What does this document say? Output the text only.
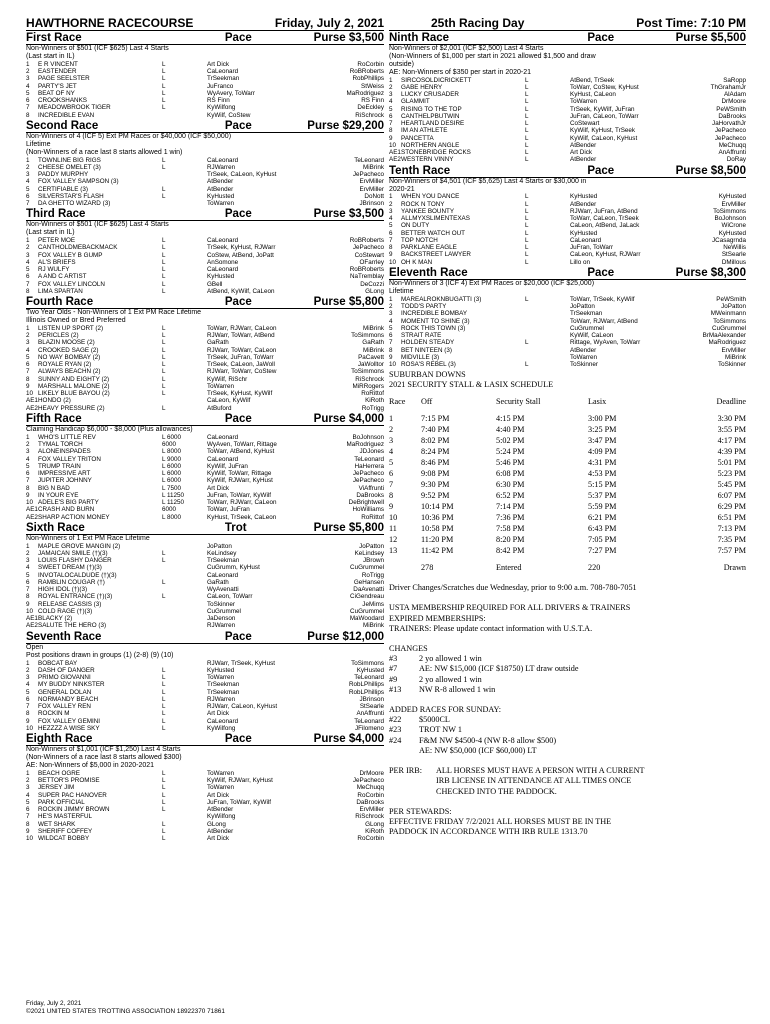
HAWTHORNE RACECOURSE	Friday, July 2, 2021
First Race	Pace	Purse $3,500
Non-Winners of $501 (ICF $625) Last 4 Starts
(Last start in IL)
1	E R VINCENT	L	Art Dick	RoCorbin
2	EASTENDER	L	CaLeonard	RoBRoberts
3	PAGE SEELSTER	L	TrSeekman	RobPhillips
4	PARTY'S JET	L	JuFranco	StWeiss
5	BEAT OF NY	L	WyAvery, ToWarr	MaRodriguez
6	CROOKSHANKS	L	RS Finn	RS Finn
7	MEADOWBROOK TIGER	L	KyWilfong	DeEckley
8	INCREDIBLE EVAN	KyWilf, CoStew	RiSchrock
Second Race	Pace	Purse $29,200
Non-Winners of 4 (ICF 5) Ext PM Races or $40,000 (ICF $50,000)
Lifetime
(Non-Winners of a race last 8 starts allowed 1 win)
1	TOWNLINE BIG RIGS	L	CaLeonard	TeLeonard
2	CHEESE OMELET (3)	L	RJWarren	MiBrink
3	PADDY MURPHY	TrSeek, CaLeon, KyHust	JePacheco
4	FOX VALLEY SAMPSON (3)	AtBender	ErvMiller
5	CERTIFIABLE (3)	L	AtBender	ErvMiller
6	SILVERSTAR'S FLASH	L	KyHusted	DoNott
7	DA GHETTO WIZARD (3)	ToWarren	JBrinson
Third Race	Pace	Purse $3,500
Non-Winners of $501 (ICF $625) Last 4 Starts
(Last start in IL)
1	PETER MOE	L	CaLeonard	RoBRoberts
2	CANTHOLDMEBACKMACK	L	TrSeek, KyHust, RJWarr	JePacheco
3	FOX VALLEY B GUMP	L	CoStew, AtBend, JoPatt	CoStewart
4	AL'S BRIEFS	L	AnSomone	OFarrley
5	RJ WULFY	L	CaLeonard	RoBRoberts
6	A AND C ARTIST	L	KyHusted	NaTremblay
7	FOX VALLEY LINCOLN	L	GBell	DeCozzi
8	LIMA SPARTAN	L	AtBend, KyWilf, CaLeon	GLong
Fourth Race	Pace	Purse $5,800
Two Year Olds - Non-Winners of 1 Ext PM Race Lifetime
Illinois Owned or Bred Preferred
1	LISTEN UP SPORT (2)	L	ToWarr, RJWarr, CaLeon	MiBrink
2	PERICLES (2)	L	RJWarr, ToWarr, AtBend	ToSimmons
3	BLAZIN MOOSE (2)	L	GaRath	GaRath
4	CROOKED SAGE (2)	L	RJWarr, ToWarr, CaLeon	MiBrink
5	NO WAY BOMBAY (2)	L	TrSeek, JuFran, ToWarr	PaCavett
6	ROYALE RYAN (2)	L	TrSeek, CaLeon, JaWoll	JaWolltor
7	ALWAYS BEACHN (2)	L	RJWarr, ToWarr, CoStew	ToSimmons
8	SUNNY AND EIGHTY (2)	L	KyWilf, RiSchr	RiSchrock
9	MARSHALL MALONE (2)	L	ToWarren	MiRRogers
10 LIKELY BLUE BAYOU (2)	L	TrSeek, KyHust, KyWilf	RoRittof
AE1 HONDO (2)	CaLeon, KyWilf	KiRoth
AE2 HEAVY PRESSURE (2)	L	AtBuford	RoTrigg
Fifth Race	Pace	Purse $4,000
Claiming Handicap $6,000 - $8,000 (Plus allowances)
1	WHO'S LITTLE REV	L 6000	CaLeonard	BoJohnson
2	TYMAL TORCH	6000	WyAven, ToWarr, Rittage	MaRodriguez
3	ALONEINSPADES	L 8000	ToWarr, AtBend, KyHust	JDJones
4	FOX VALLEY TRITON	L 9000	CaLeonard	TeLeonard
5	TRUMP TRAIN	L 6000	KyWilf, JuFran	HaHerrera
6	IMPRESSIVE ART	L 6000	KyWilf, ToWarr, Rittage	JePacheco
7	JUPITER JOHNNY	L 6000	KyWilf, RJWarr, KyHust	JePacheco
8	BIG N BAD	L 7500	Art Dick	ViAffrunti
9	IN YOUR EYE	L 11250	JuFran, ToWarr, KyWilf	DaBrooks
10 ADELE'S BIG PARTY	L 11250	ToWarr, RJWarr, CaLeon	DeBrightwell
AE1 CRASH AND BURN	6000	ToWarr, JuFran	HoWilliams
AE2 SHARP ACTION MONEY	L 8000	KyHust, TrSeek, CaLeon	RoRittof
Sixth Race	Trot	Purse $5,800
Non-Winners of 1 Ext PM Race Lifetime
1	MAPLE GROVE MANGIN (2)	JoPatton	JoPatton
2	JAMAICAN SMILE (†)(3)	L	KeLindsey	KeLindsey
3	LOUIS FLASHY DANGER	L	TrSeekman	JBrown
4	SWEET DREAM (†)(3)	CuGrumm, KyHust	CuGrummel
5	INVOTALOCALDUDE (†)(3)	CaLeonard	RoTrigg
6	RAMBLIN COUGAR (†)	L	GaRath	GeHansen
7	HIGH IDOL (†)(3)	WyAvenatti	DaAvenatti
8	ROYAL ENTRANCE (†)(3)	L	CaLeon, ToWarr	CiGendreau
9	RELEASE CASSIS (3)	ToSkinner	JeMims
10 COLD RAGE (†)(3)	CuGrummel	CuGrummel
AE1 BLACKY (2)	JaDenson	MaWoodard
AE2 SALUTE THE HERO (3)	RJWarren	MiBrink
Seventh Race	Pace	Purse $12,000
Open
Post positions drawn in groups (1) (2-8) (9) (10)
1	BOBCAT BAY	RJWarr, TrSeek, KyHust	ToSimmons
2	DASH OF DANGER	L	KyHusted	KyHusted
3	PRIMO GIOVANNI	L	ToWarren	TeLeonard
4	MY BUDDY NINKSTER	L	TrSeekman	RobLPhillips
5	GENERAL DOLAN	L	TrSeekman	RobLPhillips
6	NORMANDY BEACH	L	RJWarren	JBrinson
7	FOX VALLEY REN	L	RJWarr, CaLeon, KyHust	StSearle
8	ROCKIN M	L	Art Dick	AnAffrunti
9	FOX VALLEY GEMINI	L	CaLeonard	TeLeonard
10 HEZZZZ A WISE SKY	L	KyWilfong	JFilomeno
Eighth Race	Pace	Purse $4,000
Non-Winners of $1,001 (ICF $1,250) Last 4 Starts
(Non-Winners of a race last 8 starts allowed $300)
AE: Non-Winners of $5,000 in 2020-2021
1	BEACH OGRE	L	ToWarren	DrMoore
2	BETTOR'S PROMISE	L	KyWilf, RJWarr, KyHust	JePacheco
3	JERSEY JIM	L	ToWarren	MeChuqq
4	SUPER PAC HANOVER	L	Art Dick	RoCorbin
5	PARK OFFICIAL	L	JuFran, ToWarr, KyWilf	DaBrooks
6	ROCKIN JIMMY BROWN	L	AtBender	ErvMiller
7	HE'S MASTERFUL	KyWilfong	RiSchrock
8	WET SHARK	L	GLong	GLong
9	SHERIFF COFFEY	L	AtBender	KiRoth
10 WILDCAT BOBBY	L	Art Dick	RoCorbin
25th Racing Day	Post Time: 7:10 PM
Ninth Race	Pace	Purse $5,500
Non-Winners of $2,001 (ICF $2,500) Last 4 Starts
(Non-Winners of $1,000 per start in 2021 allowed $1,500 and draw
outside)
AE: Non-Winners of $350 per start in 2020-21
1	SIRCOSOLDICRICKETT	L	AtBend, TrSeek	SaRopp
2	GABE HENRY	L	ToWarr, CoStew, KyHust	ThGrahamJr
3	LUCKY CRUSADER	L	KyHust, CaLeon	AlAdam
4	GLAMMIT	L	ToWarren	DrMoore
5	RISING TO THE TOP	L	TrSeek, KyWilf, JuFran	PeWSmith
6	CANTHELPBUTWIN	L	JuFran, CaLeon, ToWarr	DaBrooks
7	HEARTLAND DESIRE	L	CoStewart	JaHorvathJr
8	IM AN ATHLETE	L	KyWilf, KyHust, TrSeek	JePacheco
9	PANCETTA	L	KyWilf, CaLeon, KyHust	JePacheco
10 NORTHERN ANGLE	L	AtBender	MeChuqq
AE1 STONEBRIDGE ROCKS	L	Art Dick	AnAffrunti
AE2 WESTERN VINNY	L	AtBender	DoRay
Tenth Race	Pace	Purse $8,500
Non-Winners of $4,501 (ICF $5,625) Last 4 Starts or $30,000 in
2020-21
1	WHEN YOU DANCE	L	KyHusted	KyHusted
2	ROCK N TONY	L	AtBender	ErvMiller
3	YANKEE BOUNTY	L	RJWarr, JuFran, AtBend	ToSimmons
4	ALLMYXSLIMENTEXAS	L	ToWarr, CaLeon, TrSeek	BoJohnson
5	ON DUTY	L	CaLeon, AtBend, JaLack	WiCrone
6	BETTER WATCH OUT	L	KyHusted	KyHusted
7	TOP NOTCH	L	CaLeonard	JCasagrnda
8	PARKLANE EAGLE	L	JuFran, ToWarr	NeWillis
9	BACKSTREET LAWYER	L	CaLeon, KyHust, RJWarr	StSearle
10 OH K MAN	L	Lillo on	DMillous
Eleventh Race	Pace	Purse $8,300
Non-Winners of 3 (ICF 4) Ext PM Races or $20,000 (ICF $25,000)
Lifetime
1	MAREALROKNBUGATTI (3)	L	ToWarr, TrSeek, KyWilf	PeWSmith
2	TODD'S PARTY	JoPatton	JoPatton
3	INCREDIBLE BOMBAY	TrSeekman	MWeinmann
4	MOMENT TO SHINE (3)	ToWarr, RJWarr, AtBend	ToSimmons
5	ROCK THIS TOWN (3)	CuGrummel	CuGrummel
6	STRAIT RATE	KyWilf, CaLeon	BrMaAlexander
7	HOLDEN STEADY	L	Rittage, WyAven, ToWarr	MaRodriguez
8	BET NINTEEN (3)	AtBender	ErvMiller
9	MIDVILLE (3)	ToWarren	MiBrink
10 ROSA'S REBEL (3)	L	ToSkinner	ToSkinner
SUBURBAN DOWNS
2021 SECURITY STALL & LASIX SCHEDULE
Race	Off	Security Stall	Lasix	Deadline
1	7:15 PM	4:15 PM	3:00 PM	3:30 PM
2	7:40 PM	4:40 PM	3:25 PM	3:55 PM
3	8:02 PM	5:02 PM	3:47 PM	4:17 PM
4	8:24 PM	5:24 PM	4:09 PM	4:39 PM
5	8:46 PM	5:46 PM	4:31 PM	5:01 PM
6	9:08 PM	6:08 PM	4:53 PM	5:23 PM
7	9:30 PM	6:30 PM	5:15 PM	5:45 PM
8	9:52 PM	6:52 PM	5:37 PM	6:07 PM
9	10:14 PM	7:14 PM	5:59 PM	6:29 PM
10	10:36 PM	7:36 PM	6:21 PM	6:51 PM
11	10:58 PM	7:58 PM	6:43 PM	7:13 PM
12	11:20 PM	8:20 PM	7:05 PM	7:35 PM
13	11:42 PM	8:42 PM	7:27 PM	7:57 PM
278	Entered	220	Drawn
Driver Changes/Scratches due Wednesday, prior to 9:00 a.m. 708-780-7051
USTA MEMBERSHIP REQUIRED FOR ALL DRIVERS & TRAINERS
EXPIRED MEMBERSHIPS:
TRAINERS: Please update contact information with U.S.T.A.
CHANGES
#3	2 yo allowed 1 win
#7	AE: NW $15,000 (ICF $18750) LT draw outside
#9	2 yo allowed 1 win
#13	NW R-8 allowed 1 win
ADDED RACES FOR SUNDAY:
#22	$5000CL
#23	TROT NW 1
#24	F&M NW $4500-4 (NW R-8 allow $500)
AE: NW $50,000 (ICF $60,000) LT
PER IRB:	ALL HORSES MUST HAVE A PERSON WITH A CURRENT
IRB LICENSE IN ATTENDANCE AT ALL TIMES ONCE
CHECKED INTO THE PADDOCK.
PER STEWARDS:
EFFECTIVE FRIDAY 7/2/2021 ALL HORSES MUST BE IN THE
PADDOCK IN ACCORDANCE WITH IRB RULE 1313.70
Friday, July 2, 2021
©2021 UNITED STATES TROTTING ASSOCIATION 18922370 71861
